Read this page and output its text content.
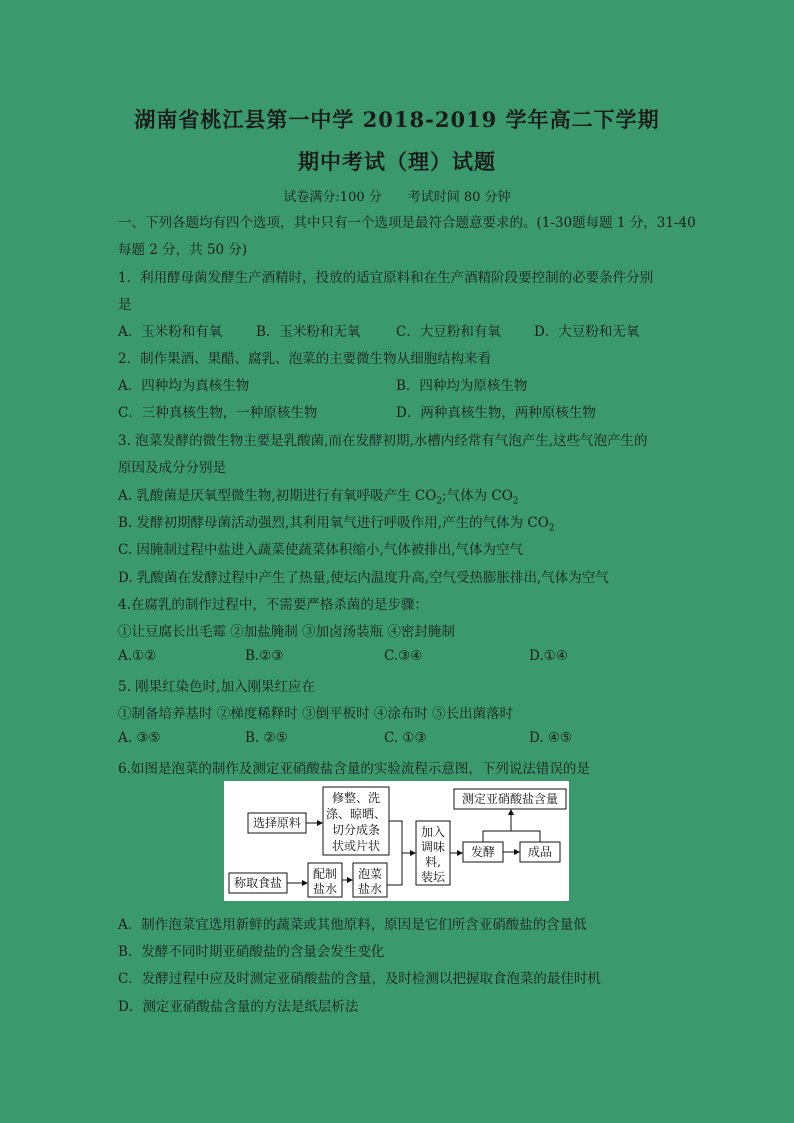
湖南省桃江县第一中学 2018-2019 学年高二下学期
期中考试（理）试题
试卷满分:100 分 考试时间 80 分钟
一、下列各题均有四个选项，其中只有一个选项是最符合题意要求的。(1-30题每题 1 分，31-40
每题 2 分，共 50 分)
1．利用酵母菌发酵生产酒精时，投放的适宜原料和在生产酒精阶段要控制的必要条件分别
是
A．玉米粉和有氧	B．玉米粉和无氧	C．大豆粉和有氧 D．大豆粉和无氧
2．制作果酒、果醋、腐乳、泡菜的主要微生物从细胞结构来看
A．四种均为真核生物	B．四种均为原核生物
C．三种真核生物，一种原核生物	D．两种真核生物，两种原核生物
3. 泡菜发酵的微生物主要是乳酸菌,而在发酵初期,水槽内经常有气泡产生,这些气泡产生的
原因及成分分别是
A. 乳酸菌是厌氧型微生物,初期进行有氧呼吸产生 $CO_2$;气体为 $CO_2$
B. 发酵初期酵母菌活动强烈,其利用氧气进行呼吸作用,产生的气体为 $CO_2$
C. 因腌制过程中盐进入蔬菜使蔬菜体积缩小,气体被排出,气体为空气
D. 乳酸菌在发酵过程中产生了热量,使坛内温度升高,空气受热膨胀排出,气体为空气
4.在腐乳的制作过程中，不需要严格杀菌的是步骤：
①让豆腐长出毛霉 ②加盐腌制 ③加卤汤装瓶 ④密封腌制
A.①②	B.②③	C.③④	D.①④
5. 刚果红染色时,加入刚果红应在
①制备培养基时 ②梯度稀释时 ③倒平板时 ④涂布时 ⑤长出菌落时
A. ③⑤	B. ②⑤	C. ①③	D. ④⑤
6.如图是泡菜的制作及测定亚硝酸盐含量的实验流程示意图，下列说法错误的是
选择原料
修整、洗
涤、晾晒、
切分成条
状或片状
称取食盐
配制
盐水
泡菜
盐水
加入
调味
料,
装坛
发酵	成品
测定亚硝酸盐含量
A．制作泡菜宜选用新鲜的蔬菜或其他原料，原因是它们所含亚硝酸盐的含量低
B．发酵不同时期亚硝酸盐的含量会发生变化
C．发酵过程中应及时测定亚硝酸盐的含量，及时检测以把握取食泡菜的最佳时机
D．测定亚硝酸盐含量的方法是纸层析法
